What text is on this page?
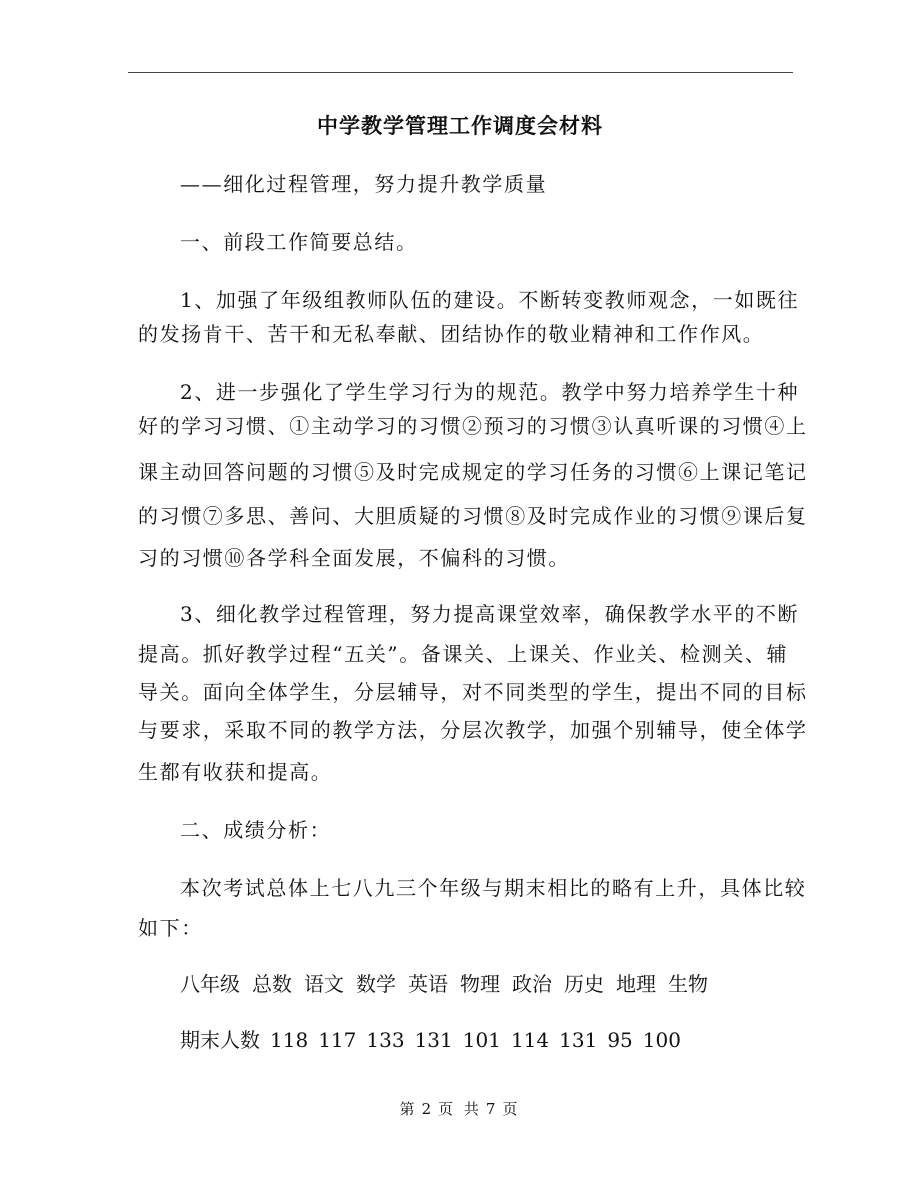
中学教学管理工作调度会材料
——细化过程管理，努力提升教学质量
一、前段工作简要总结。
1、加强了年级组教师队伍的建设。不断转变教师观念，一如既往
的发扬肯干、苦干和无私奉献、团结协作的敬业精神和工作作风。
2、进一步强化了学生学习行为的规范。教学中努力培养学生十种
好的学习习惯、①主动学习的习惯②预习的习惯③认真听课的习惯④上
课主动回答问题的习惯⑤及时完成规定的学习任务的习惯⑥上课记笔记
的习惯⑦多思、善问、大胆质疑的习惯⑧及时完成作业的习惯⑨课后复
习的习惯⑩各学科全面发展，不偏科的习惯。
3、细化教学过程管理，努力提高课堂效率，确保教学水平的不断
提高。抓好教学过程“五关”。备课关、上课关、作业关、检测关、辅
导关。面向全体学生，分层辅导，对不同类型的学生，提出不同的目标
与要求，采取不同的教学方法，分层次教学，加强个别辅导，使全体学
生都有收获和提高。
二、成绩分析：
本次考试总体上七八九三个年级与期末相比的略有上升，具体比较
如下：
八年级 总数 语文 数学 英语 物理 政治 历史 地理 生物
期末人数 118 117 133 131 101 114 131 95 100
第 2 页 共 7 页
